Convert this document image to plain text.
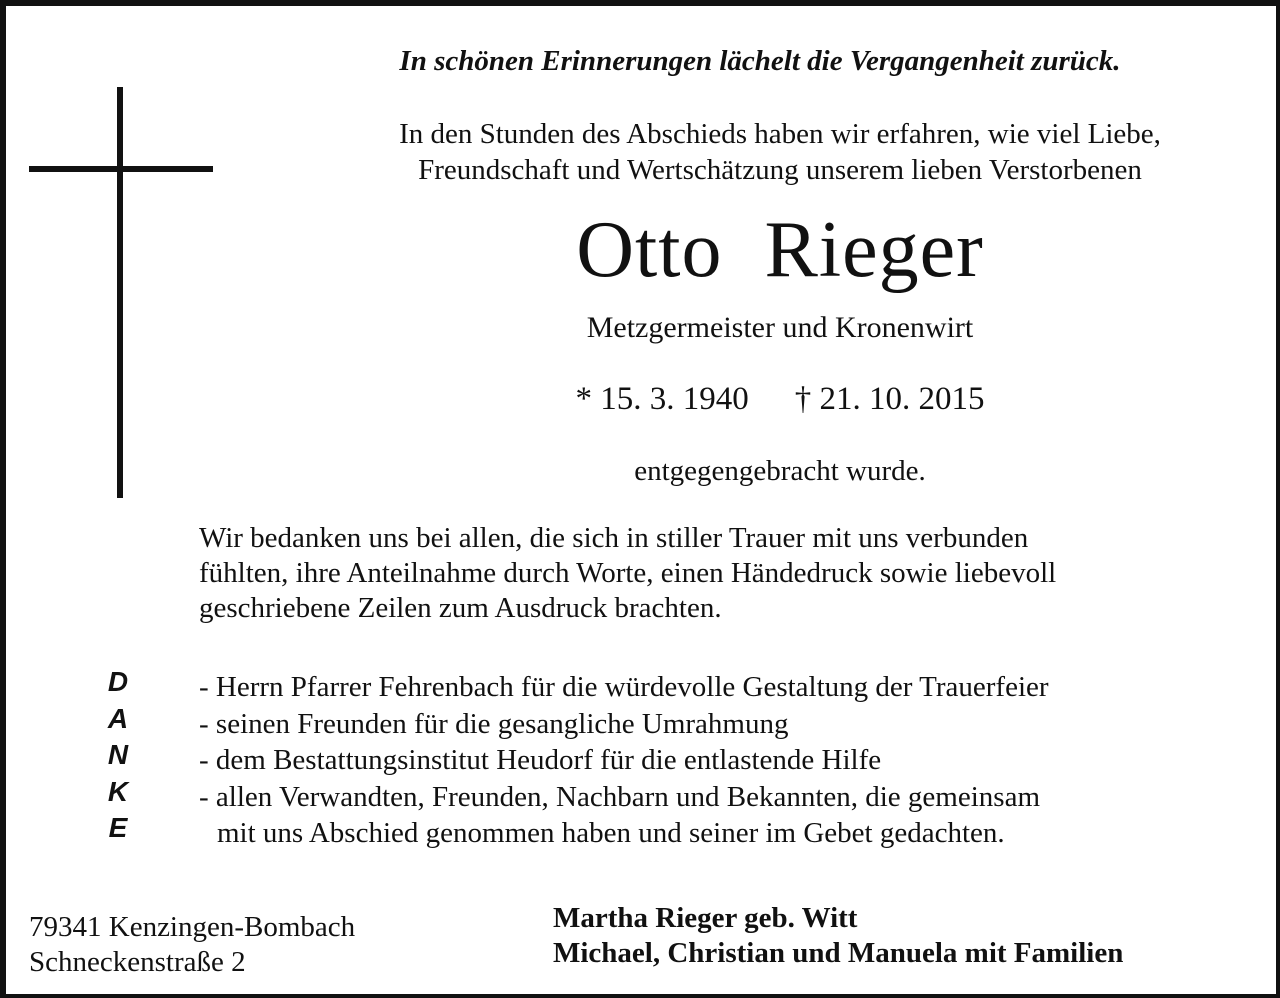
In schönen Erinnerungen lächelt die Vergangenheit zurück.
In den Stunden des Abschieds haben wir erfahren, wie viel Liebe,
Freundschaft und Wertschätzung unserem lieben Verstorbenen
Otto  Rieger
Metzgermeister und Kronenwirt
* 15. 3. 1940 † 21. 10. 2015
entgegengebracht wurde.
Wir bedanken uns bei allen, die sich in stiller Trauer mit uns verbunden
fühlten, ihre Anteilnahme durch Worte, einen Händedruck sowie liebevoll
geschriebene Zeilen zum Ausdruck brachten.
D
A
N
K
E
- Herrn Pfarrer Fehrenbach für die würdevolle Gestaltung der Trauerfeier
- seinen Freunden für die gesangliche Umrahmung
- dem Bestattungsinstitut Heudorf für die entlastende Hilfe
- allen Verwandten, Freunden, Nachbarn und Bekannten, die gemeinsam
mit uns Abschied genommen haben und seiner im Gebet gedachten.
79341 Kenzingen-Bombach
Schneckenstraße 2
Martha Rieger geb. Witt
Michael, Christian und Manuela mit Familien
